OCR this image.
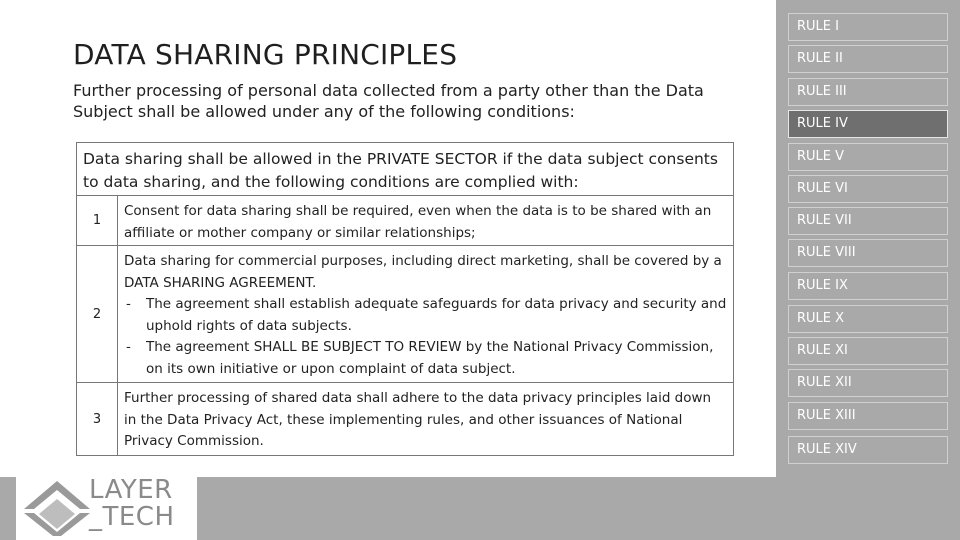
DATA SHARING PRINCIPLES
Further processing of personal data collected from a party other than the Data Subject shall be allowed under any of the following conditions:
Data sharing shall be allowed in the PRIVATE SECTOR if the data subject consents to data sharing, and the following conditions are complied with:
1
Consent for data sharing shall be required, even when the data is to be shared with an affiliate or mother company or similar relationships;
2
Data sharing for commercial purposes, including direct marketing, shall be covered by a DATA SHARING AGREEMENT.
-	The agreement shall establish adequate safeguards for data privacy and security and uphold rights of data subjects.
-	The agreement SHALL BE SUBJECT TO REVIEW by the National Privacy Commission, on its own initiative or upon complaint of data subject.
3
Further processing of shared data shall adhere to the data privacy principles laid down in the Data Privacy Act, these implementing rules, and other issuances of National Privacy Commission.
RULE I
RULE II
RULE III
RULE IV
RULE V
RULE VI
RULE VII
RULE VIII
RULE IX
RULE X
RULE XI
RULE XII
RULE XIII
RULE XIV
LAYER
_TECH
